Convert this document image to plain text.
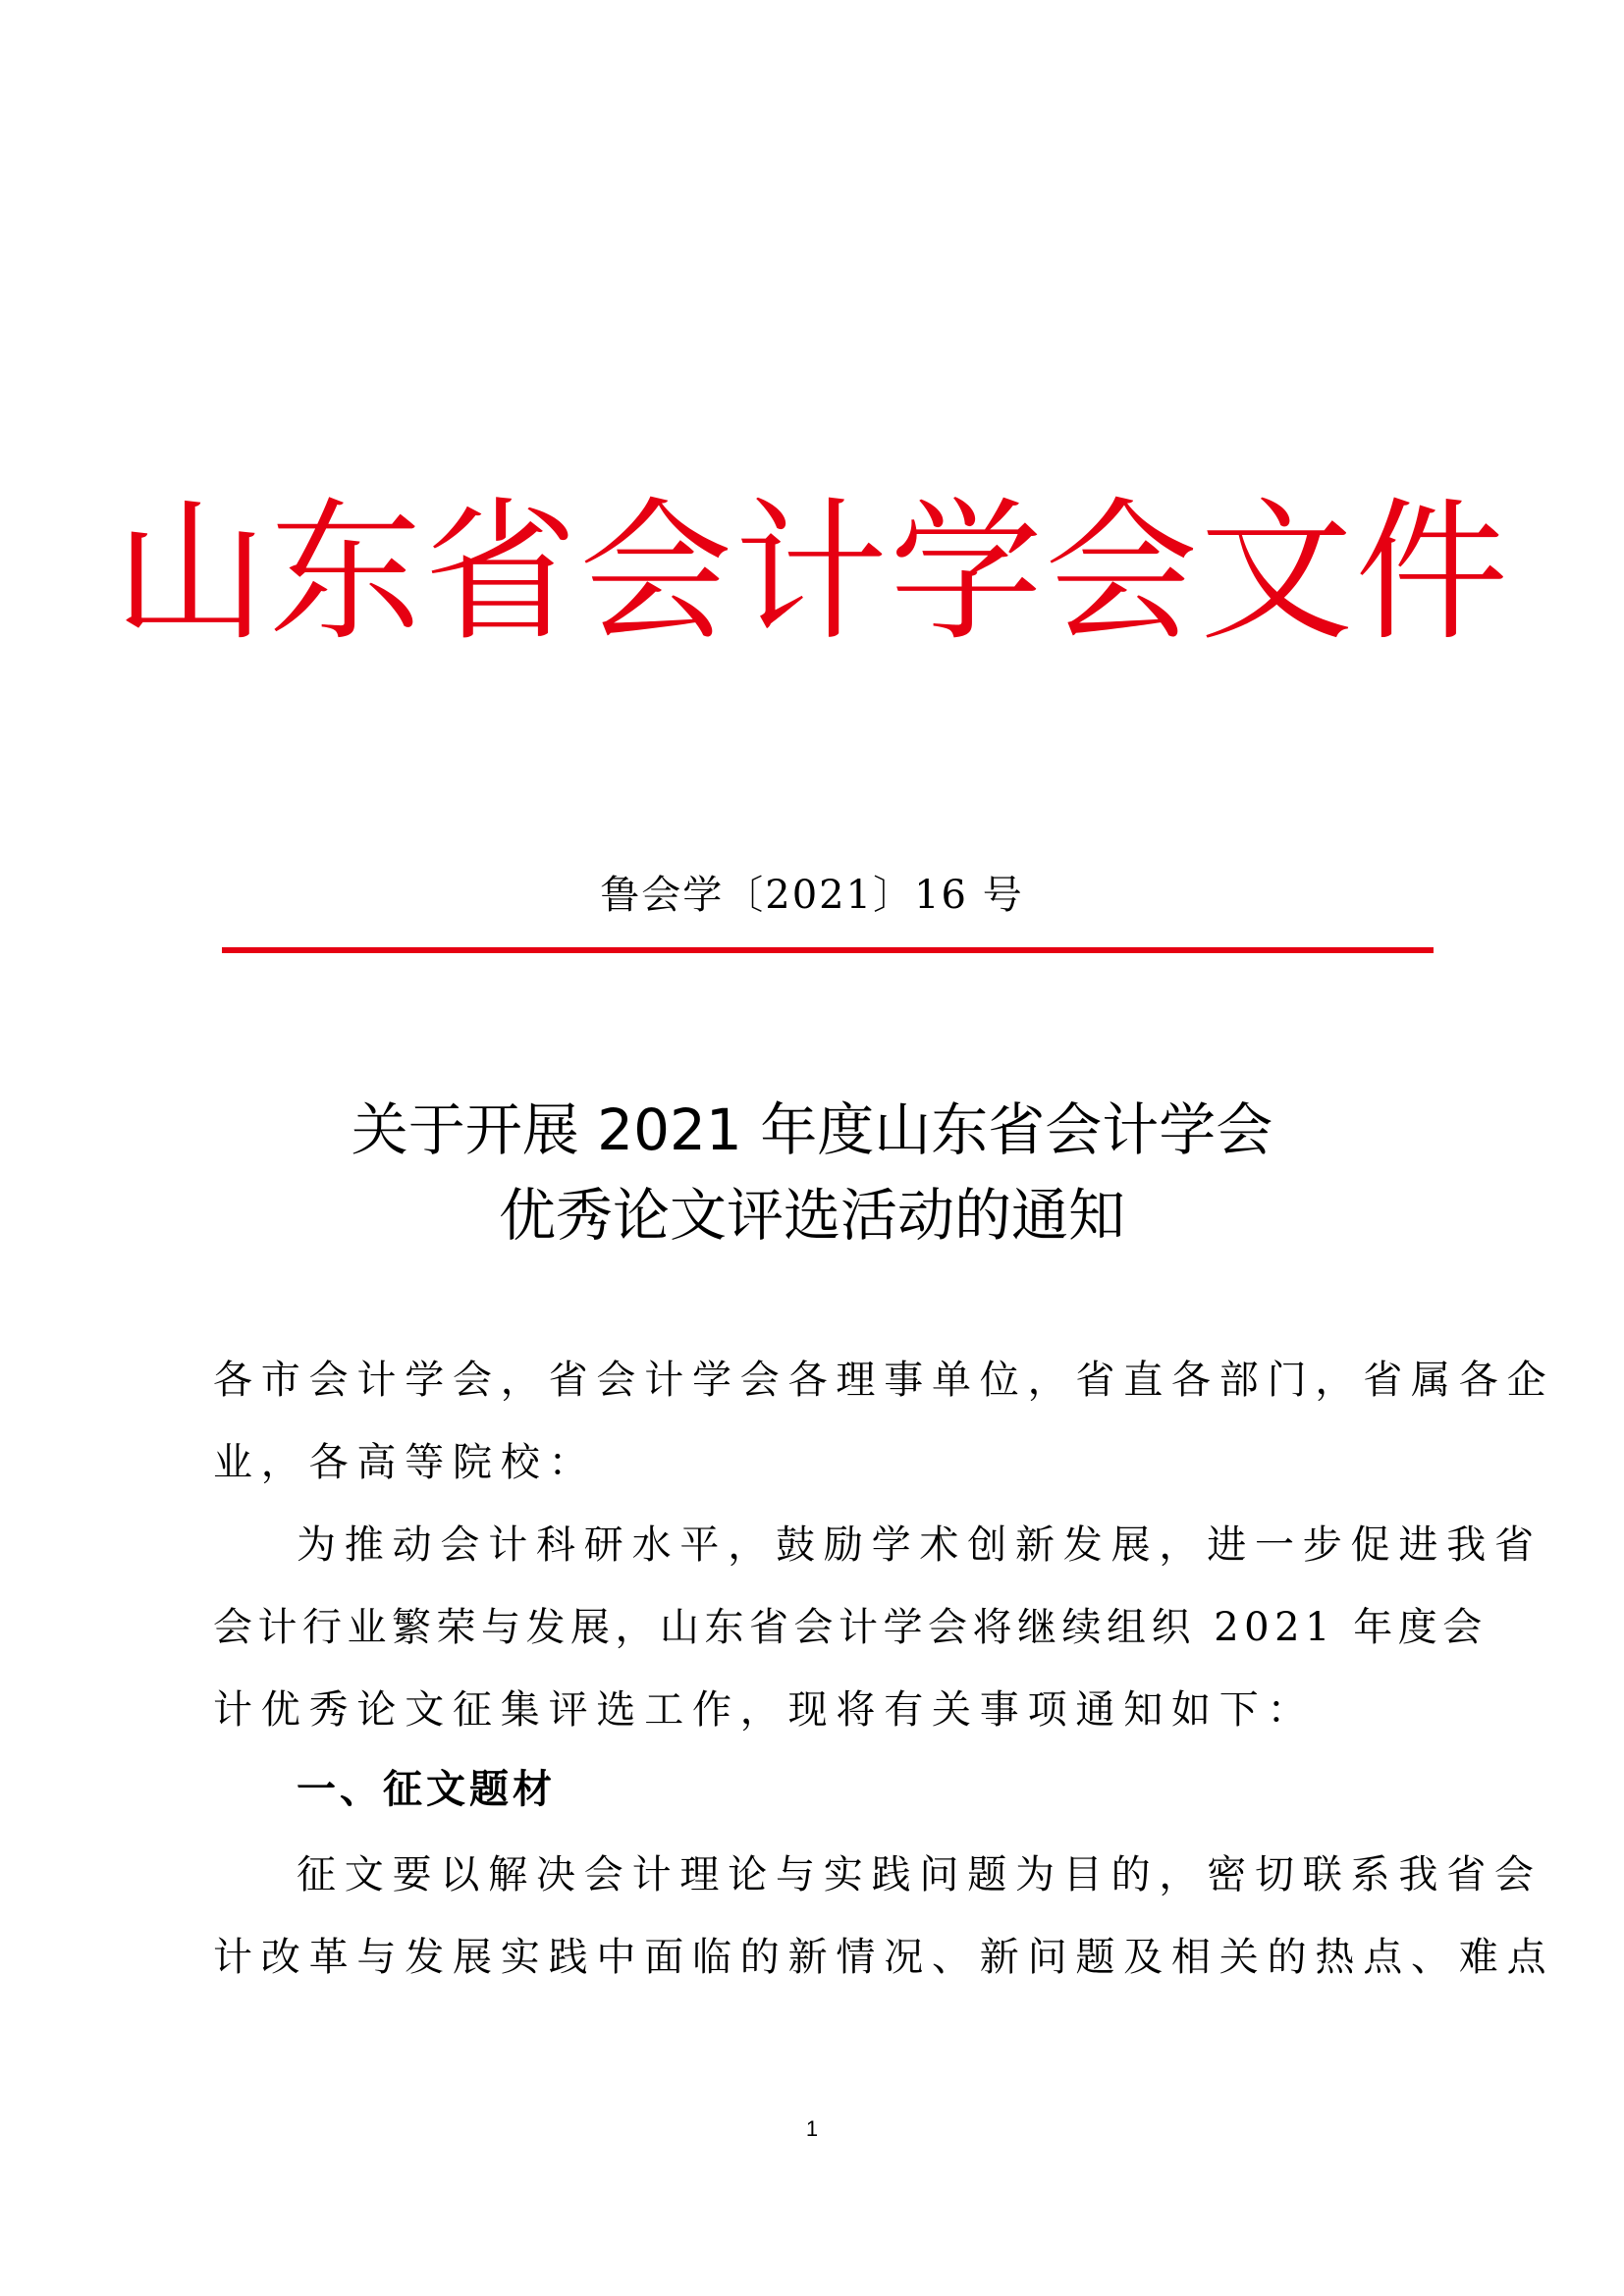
山东省会计学会文件
鲁会学〔2021〕16 号
关于开展 2021 年度山东省会计学会
优秀论文评选活动的通知
各市会计学会，省会计学会各理事单位，省直各部门，省属各企
业，各高等院校：
为推动会计科研水平，鼓励学术创新发展，进一步促进我省
会计行业繁荣与发展，山东省会计学会将继续组织 2021 年度会
计优秀论文征集评选工作，现将有关事项通知如下：
一、征文题材
征文要以解决会计理论与实践问题为目的，密切联系我省会
计改革与发展实践中面临的新情况、新问题及相关的热点、难点
1
